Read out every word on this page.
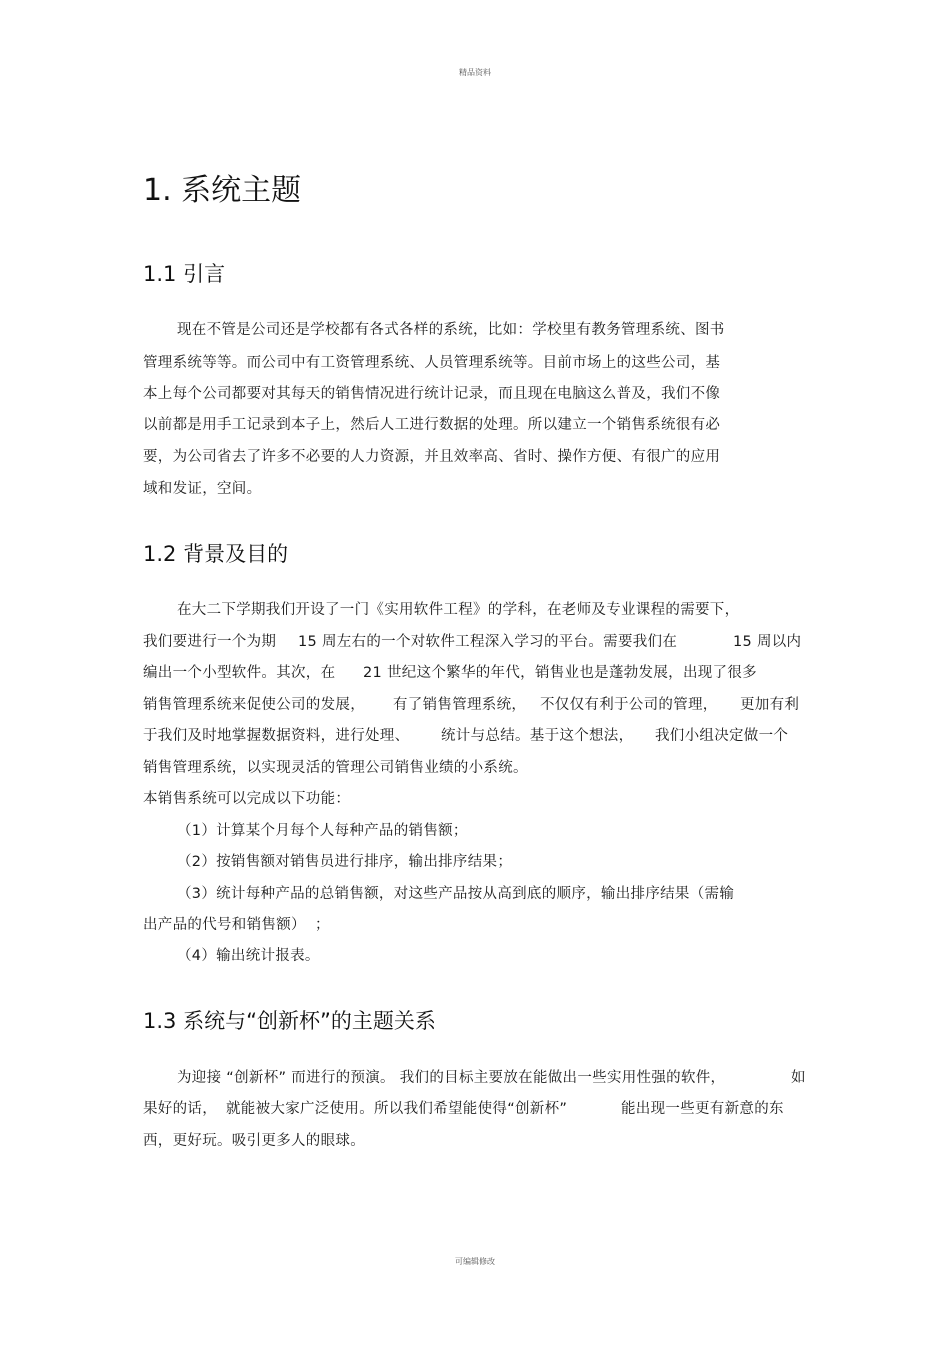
精品资料
1. 系统主题
1.1 引言
现在不管是公司还是学校都有各式各样的系统，比如：学校里有教务管理系统、图书
管理系统等等。而公司中有工资管理系统、人员管理系统等。目前市场上的这些公司，基
本上每个公司都要对其每天的销售情况进行统计记录，而且现在电脑这么普及，我们不像
以前都是用手工记录到本子上，然后人工进行数据的处理。所以建立一个销售系统很有必
要，为公司省去了许多不必要的人力资源，并且效率高、省时、操作方便、有很广的应用
域和发证，空间。
1.2 背景及目的
在大二下学期我们开设了一门《实用软件工程》的学科，在老师及专业课程的需要下，
我们要进行一个为期 15 周左右的一个对软件工程深入学习的平台。需要我们在	15 周以内
编出一个小型软件。其次，在 21 世纪这个繁华的年代，销售业也是蓬勃发展，出现了很多
销售管理系统来促使公司的发展， 有了销售管理系统， 不仅仅有利于公司的管理， 更加有利
于我们及时地掌握数据资料，进行处理、 统计与总结。基于这个想法， 我们小组决定做一个
销售管理系统，以实现灵活的管理公司销售业绩的小系统。
本销售系统可以完成以下功能：
（1）计算某个月每个人每种产品的销售额；
（2）按销售额对销售员进行排序，输出排序结果；
（3）统计每种产品的总销售额，对这些产品按从高到底的顺序，输出排序结果（需输
出产品的代号和销售额） ；
（4）输出统计报表。
1.3 系统与“创新杯”的主题关系
为迎接 “创新杯” 而进行的预演。 我们的目标主要放在能做出一些实用性强的软件，	如
果好的话， 就能被大家广泛使用。所以我们希望能使得“创新杯”	能出现一些更有新意的东
西，更好玩。吸引更多人的眼球。
可编辑修改
